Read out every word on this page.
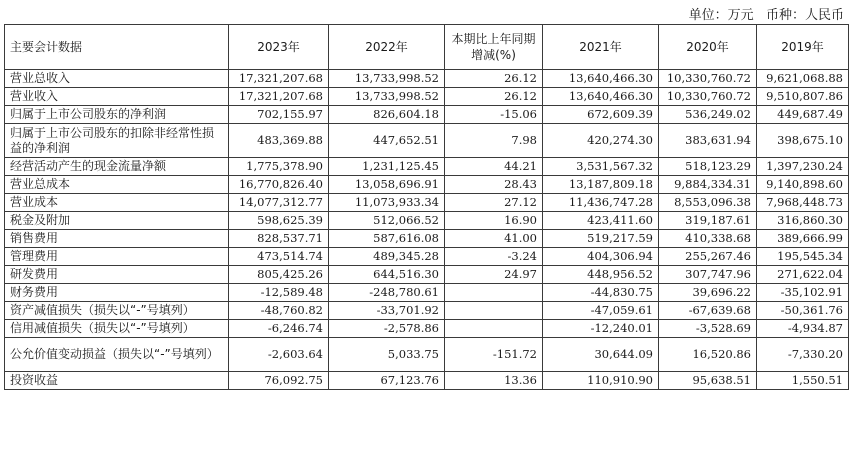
单位：万元   币种：人民币
主要会计数据	2023年	2022年	本期比上年同期增减(%)	2021年	2020年	2019年
营业总收入	17,321,207.68	13,733,998.52	26.12	13,640,466.30	10,330,760.72	9,621,068.88
营业收入	17,321,207.68	13,733,998.52	26.12	13,640,466.30	10,330,760.72	9,510,807.86
归属于上市公司股东的净利润	702,155.97	826,604.18	-15.06	672,609.39	536,249.02	449,687.49
归属于上市公司股东的扣除非经常性损益的净利润	483,369.88	447,652.51	7.98	420,274.30	383,631.94	398,675.10
经营活动产生的现金流量净额	1,775,378.90	1,231,125.45	44.21	3,531,567.32	518,123.29	1,397,230.24
营业总成本	16,770,826.40	13,058,696.91	28.43	13,187,809.18	9,884,334.31	9,140,898.60
营业成本	14,077,312.77	11,073,933.34	27.12	11,436,747.28	8,553,096.38	7,968,448.73
税金及附加	598,625.39	512,066.52	16.90	423,411.60	319,187.61	316,860.30
销售费用	828,537.71	587,616.08	41.00	519,217.59	410,338.68	389,666.99
管理费用	473,514.74	489,345.28	-3.24	404,306.94	255,267.46	195,545.34
研发费用	805,425.26	644,516.30	24.97	448,956.52	307,747.96	271,622.04
财务费用	-12,589.48	-248,780.61		-44,830.75	39,696.22	-35,102.91
资产减值损失（损失以“-”号填列）	-48,760.82	-33,701.92		-47,059.61	-67,639.68	-50,361.76
信用减值损失（损失以“-”号填列）	-6,246.74	-2,578.86		-12,240.01	-3,528.69	-4,934.87
公允价值变动损益（损失以“-”号填列）	-2,603.64	5,033.75	-151.72	30,644.09	16,520.86	-7,330.20
投资收益	76,092.75	67,123.76	13.36	110,910.90	95,638.51	1,550.51
